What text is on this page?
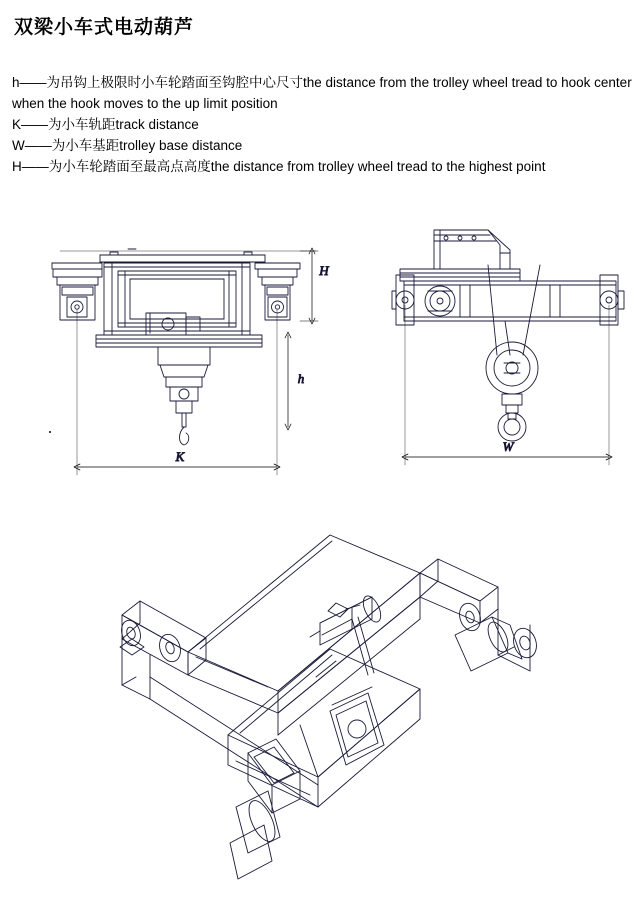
双梁小车式电动葫芦
h——为吊钩上极限时小车轮踏面至钩腔中心尺寸the distance from the trolley wheel tread to hook center when the hook moves to the up limit position
K——为小车轨距track distance
W——为小车基距trolley base distance
H——为小车轮踏面至最高点高度the distance from trolley wheel tread to the highest point
H
h
K
W
